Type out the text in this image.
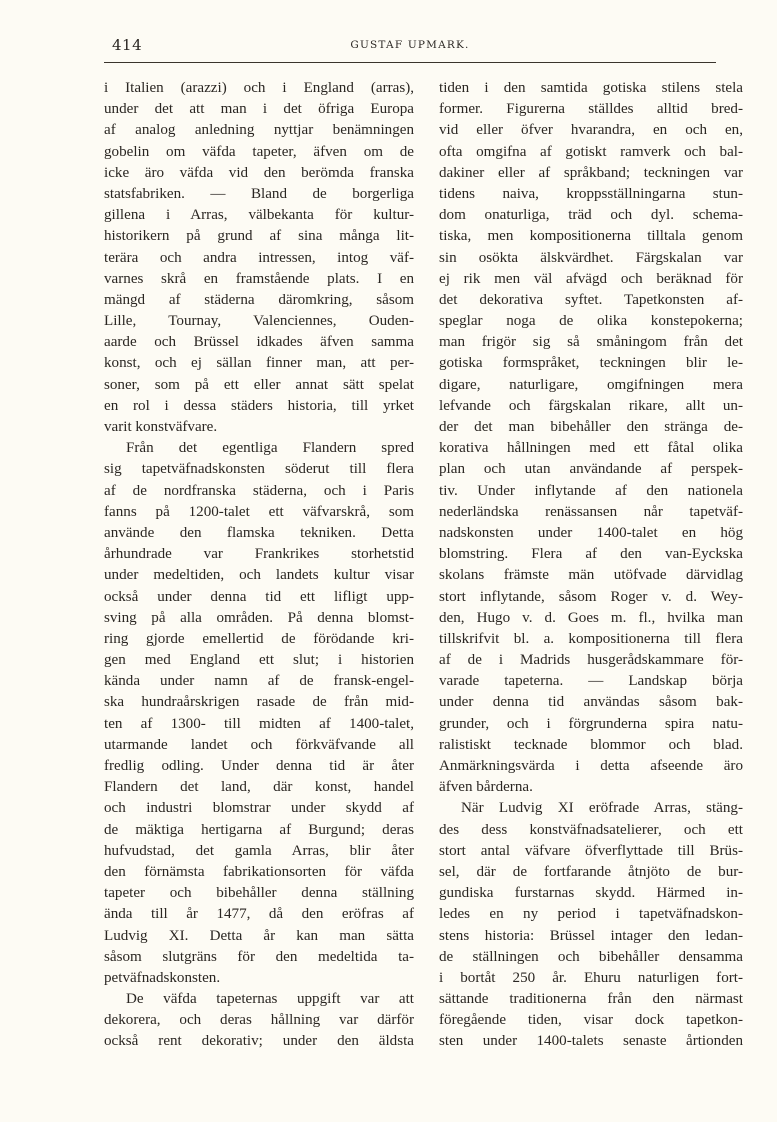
414	GUSTAF UPMARK.
i Italien (arazzi) och i England (arras),
under det att man i det öfriga Europa
af analog anledning nyttjar benämningen
gobelin om väfda tapeter, äfven om de
icke äro väfda vid den berömda franska
statsfabriken. — Bland de borgerliga
gillena i Arras, välbekanta för kultur-
historikern på grund af sina många lit-
terära och andra intressen, intog väf-
varnes skrå en framstående plats. I en
mängd af städerna däromkring, såsom
Lille, Tournay, Valenciennes, Ouden-
aarde och Brüssel idkades äfven samma
konst, och ej sällan finner man, att per-
soner, som på ett eller annat sätt spelat
en rol i dessa städers historia, till yrket
varit konstväfvare.
Från det egentliga Flandern spred
sig tapetväfnadskonsten söderut till flera
af de nordfranska städerna, och i Paris
fanns på 1200-talet ett väfvarskrå, som
använde den flamska tekniken. Detta
århundrade var Frankrikes storhetstid
under medeltiden, och landets kultur visar
också under denna tid ett lifligt upp-
sving på alla områden. På denna blomst-
ring gjorde emellertid de förödande kri-
gen med England ett slut; i historien
kända under namn af de fransk-engel-
ska hundraårskrigen rasade de från mid-
ten af 1300- till midten af 1400-talet,
utarmande landet och förkväfvande all
fredlig odling. Under denna tid är åter
Flandern det land, där konst, handel
och industri blomstrar under skydd af
de mäktiga hertigarna af Burgund; deras
hufvudstad, det gamla Arras, blir åter
den förnämsta fabrikationsorten för väfda
tapeter och bibehåller denna ställning
ända till år 1477, då den eröfras af
Ludvig XI. Detta år kan man sätta
såsom slutgräns för den medeltida ta-
petväfnadskonsten.
De väfda tapeternas uppgift var att
dekorera, och deras hållning var därför
också rent dekorativ; under den äldsta
tiden i den samtida gotiska stilens stela
former. Figurerna ställdes alltid bred-
vid eller öfver hvarandra, en och en,
ofta omgifna af gotiskt ramverk och bal-
dakiner eller af språkband; teckningen var
tidens naiva, kroppsställningarna stun-
dom onaturliga, träd och dyl. schema-
tiska, men kompositionerna tilltala genom
sin osökta älskvärdhet. Färgskalan var
ej rik men väl afvägd och beräknad för
det dekorativa syftet. Tapetkonsten af-
speglar noga de olika konstepokerna;
man frigör sig så småningom från det
gotiska formspråket, teckningen blir le-
digare, naturligare, omgifningen mera
lefvande och färgskalan rikare, allt un-
der det man bibehåller den stränga de-
korativa hållningen med ett fåtal olika
plan och utan användande af perspek-
tiv. Under inflytande af den nationela
nederländska renässansen når tapetväf-
nadskonsten under 1400-talet en hög
blomstring. Flera af den van-Eyckska
skolans främste män utöfvade därvidlag
stort inflytande, såsom Roger v. d. Wey-
den, Hugo v. d. Goes m. fl., hvilka man
tillskrifvit bl. a. kompositionerna till flera
af de i Madrids husgerådskammare för-
varade tapeterna. — Landskap börja
under denna tid användas såsom bak-
grunder, och i förgrunderna spira natu-
ralistiskt tecknade blommor och blad.
Anmärkningsvärda i detta afseende äro
äfven bårderna.
När Ludvig XI eröfrade Arras, stäng-
des dess konstväfnadsatelierer, och ett
stort antal väfvare öfverflyttade till Brüs-
sel, där de fortfarande åtnjöto de bur-
gundiska furstarnas skydd. Härmed in-
ledes en ny period i tapetväfnadskon-
stens historia: Brüssel intager den ledan-
de ställningen och bibehåller densamma
i bortåt 250 år. Ehuru naturligen fort-
sättande traditionerna från den närmast
föregående tiden, visar dock tapetkon-
sten under 1400-talets senaste årtionden
